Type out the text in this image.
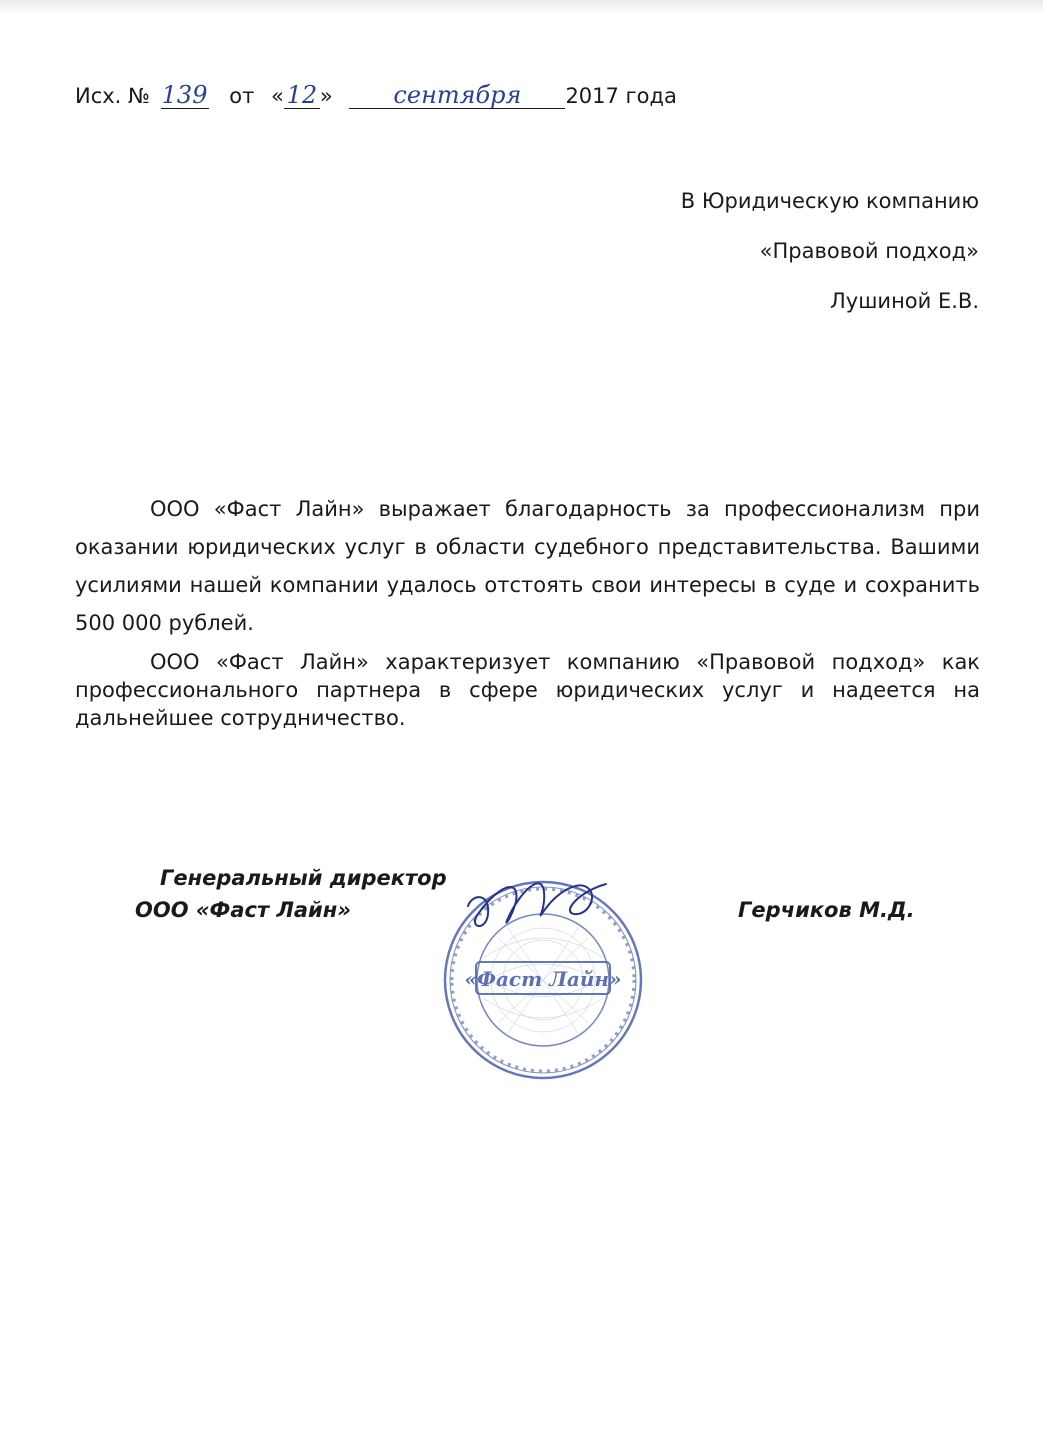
Исх. № 139 от « 12 »	сентября 2017 года
В Юридическую компанию
«Правовой подход»
Лушиной Е.В.
ООО «Фаст Лайн» выражает благодарность за профессионализм при оказании юридических услуг в области судебного представительства. Вашими усилиями нашей компании удалось отстоять свои интересы в суде и сохранить 500 000 рублей.
ООО «Фаст Лайн» характеризует компанию «Правовой подход» как профессионального партнера в сфере юридических услуг и надеется на дальнейшее сотрудничество.
Генеральный директор
ООО «Фаст Лайн»	Герчиков М.Д.
«Фаст Лайн»
